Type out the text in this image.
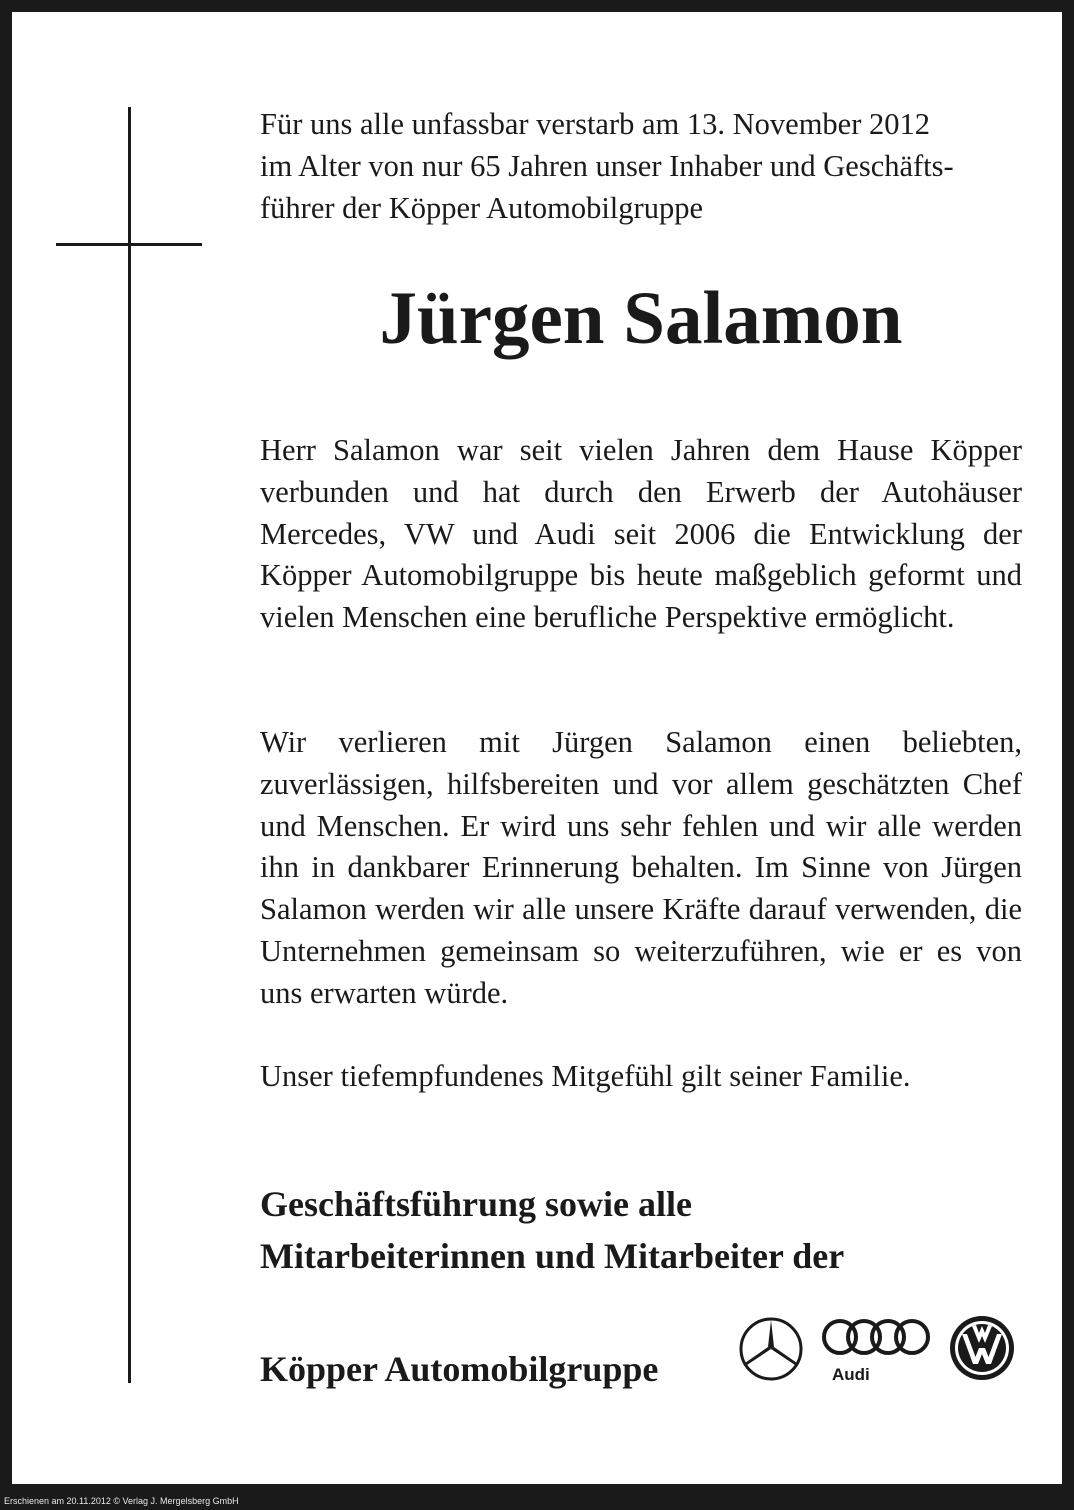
Für uns alle unfassbar verstarb am 13. November 2012
im Alter von nur 65 Jahren unser Inhaber und Geschäfts-
führer der Köpper Automobilgruppe
Jürgen Salamon
Herr Salamon war seit vielen Jahren dem Hause Köpper verbunden und hat durch den Erwerb der Autohäuser Mercedes, VW und Audi seit 2006 die Entwicklung der Köpper Automobilgruppe bis heute maßgeblich geformt und vielen Menschen eine berufliche Perspektive ermöglicht.
Wir verlieren mit Jürgen Salamon einen beliebten, zuverlässigen, hilfsbereiten und vor allem geschätzten Chef und Menschen. Er wird uns sehr fehlen und wir alle werden ihn in dankbarer Erinnerung behalten. Im Sinne von Jürgen Salamon werden wir alle unsere Kräfte darauf verwenden, die Unternehmen gemeinsam so weiterzuführen, wie er es von uns erwarten würde.
Unser tiefempfundenes Mitgefühl gilt seiner Familie.
Geschäftsführung sowie alle
Mitarbeiterinnen und Mitarbeiter der
Köpper Automobilgruppe	Audi
Erschienen am 20.11.2012 © Verlag J. Mergelsberg GmbH
